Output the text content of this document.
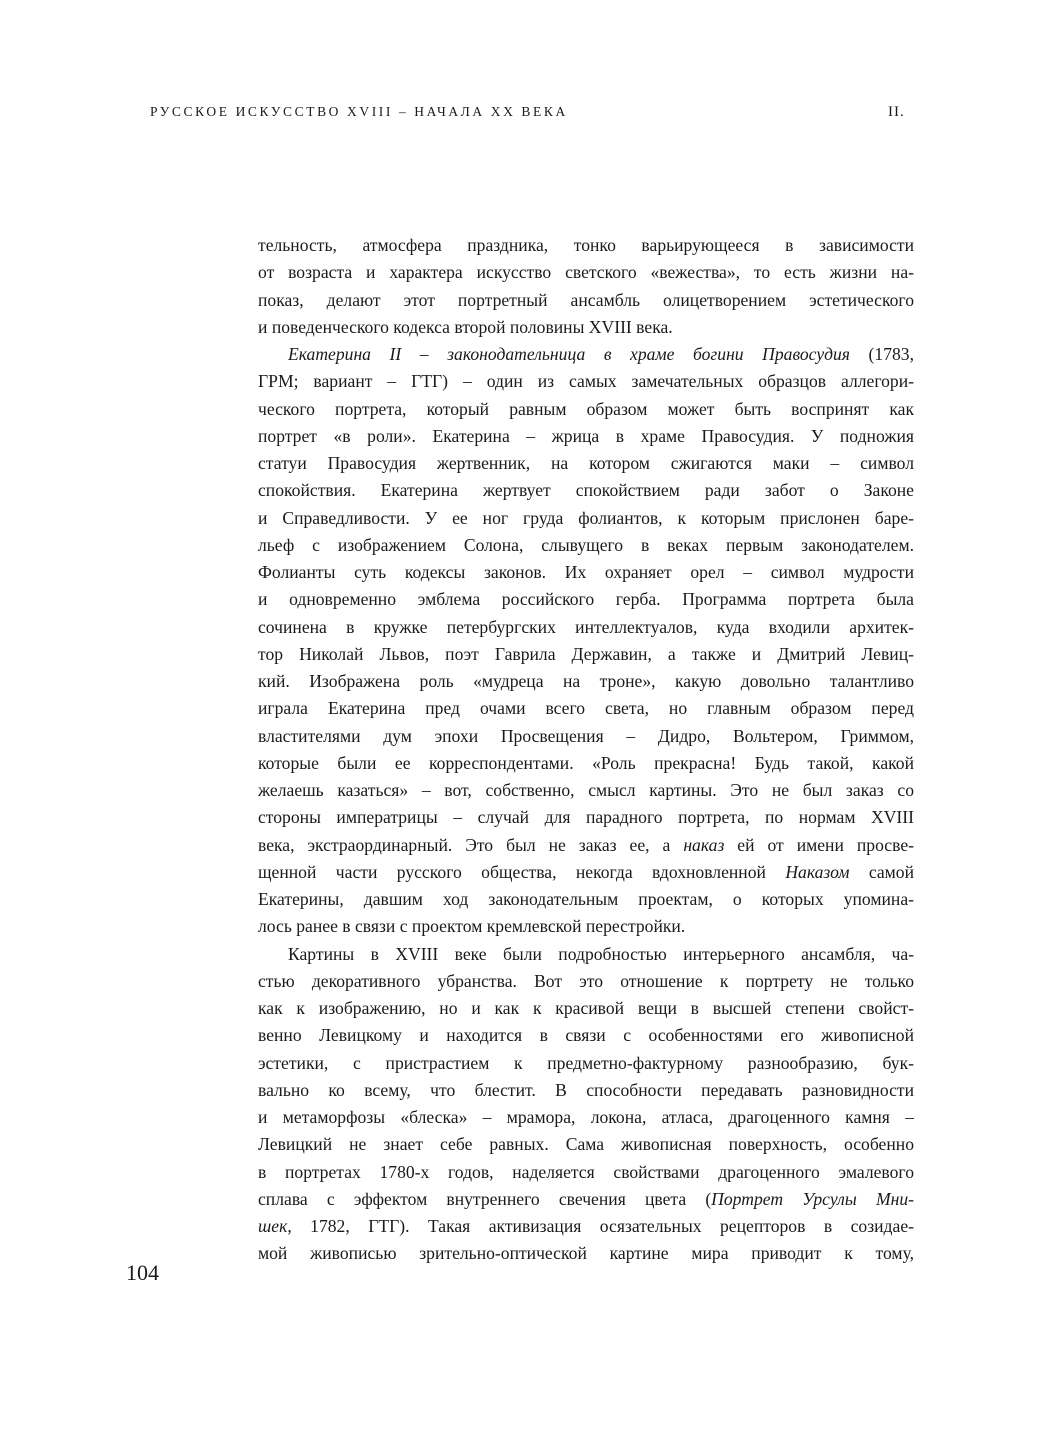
РУССКОЕ ИСКУССТВО XVIII – НАЧАЛА XX ВЕКА	II.
тельность, атмосфера праздника, тонко варьирующееся в зависимости
от возраста и характера искусство светского «вежества», то есть жизни на-
показ, делают этот портретный ансамбль олицетворением эстетического
и поведенческого кодекса второй половины XVIII века.
Екатерина II – законодательница в храме богини Правосудия (1783,
ГРМ; вариант – ГТГ) – один из самых замечательных образцов аллегори-
ческого портрета, который равным образом может быть воспринят как
портрет «в роли». Екатерина – жрица в храме Правосудия. У подножия
статуи Правосудия жертвенник, на котором сжигаются маки – символ
спокойствия. Екатерина жертвует спокойствием ради забот о Законе
и Справедливости. У ее ног груда фолиантов, к которым прислонен баре-
льеф с изображением Солона, слывущего в веках первым законодателем.
Фолианты суть кодексы законов. Их охраняет орел – символ мудрости
и одновременно эмблема российского герба. Программа портрета была
сочинена в кружке петербургских интеллектуалов, куда входили архитек-
тор Николай Львов, поэт Гаврила Державин, а также и Дмитрий Левиц-
кий. Изображена роль «мудреца на троне», какую довольно талантливо
играла Екатерина пред очами всего света, но главным образом перед
властителями дум эпохи Просвещения – Дидро, Вольтером, Гриммом,
которые были ее корреспондентами. «Роль прекрасна! Будь такой, какой
желаешь казаться» – вот, собственно, смысл картины. Это не был заказ со
стороны императрицы – случай для парадного портрета, по нормам XVIII
века, экстраординарный. Это был не заказ ее, а наказ ей от имени просве-
щенной части русского общества, некогда вдохновленной Наказом самой
Екатерины, давшим ход законодательным проектам, о которых упомина-
лось ранее в связи с проектом кремлевской перестройки.
Картины в XVIII веке были подробностью интерьерного ансамбля, ча-
стью декоративного убранства. Вот это отношение к портрету не только
как к изображению, но и как к красивой вещи в высшей степени свойст-
венно Левицкому и находится в связи с особенностями его живописной
эстетики, с пристрастием к предметно-фактурному разнообразию, бук-
вально ко всему, что блестит. В способности передавать разновидности
и метаморфозы «блеска» – мрамора, локона, атласа, драгоценного камня –
Левицкий не знает себе равных. Сама живописная поверхность, особенно
в портретах 1780-х годов, наделяется свойствами драгоценного эмалевого
сплава с эффектом внутреннего свечения цвета (Портрет Урсулы Мни-
шек, 1782, ГТГ). Такая активизация осязательных рецепторов в созидае-
мой живописью зрительно-оптической картине мира приводит к тому,
104
